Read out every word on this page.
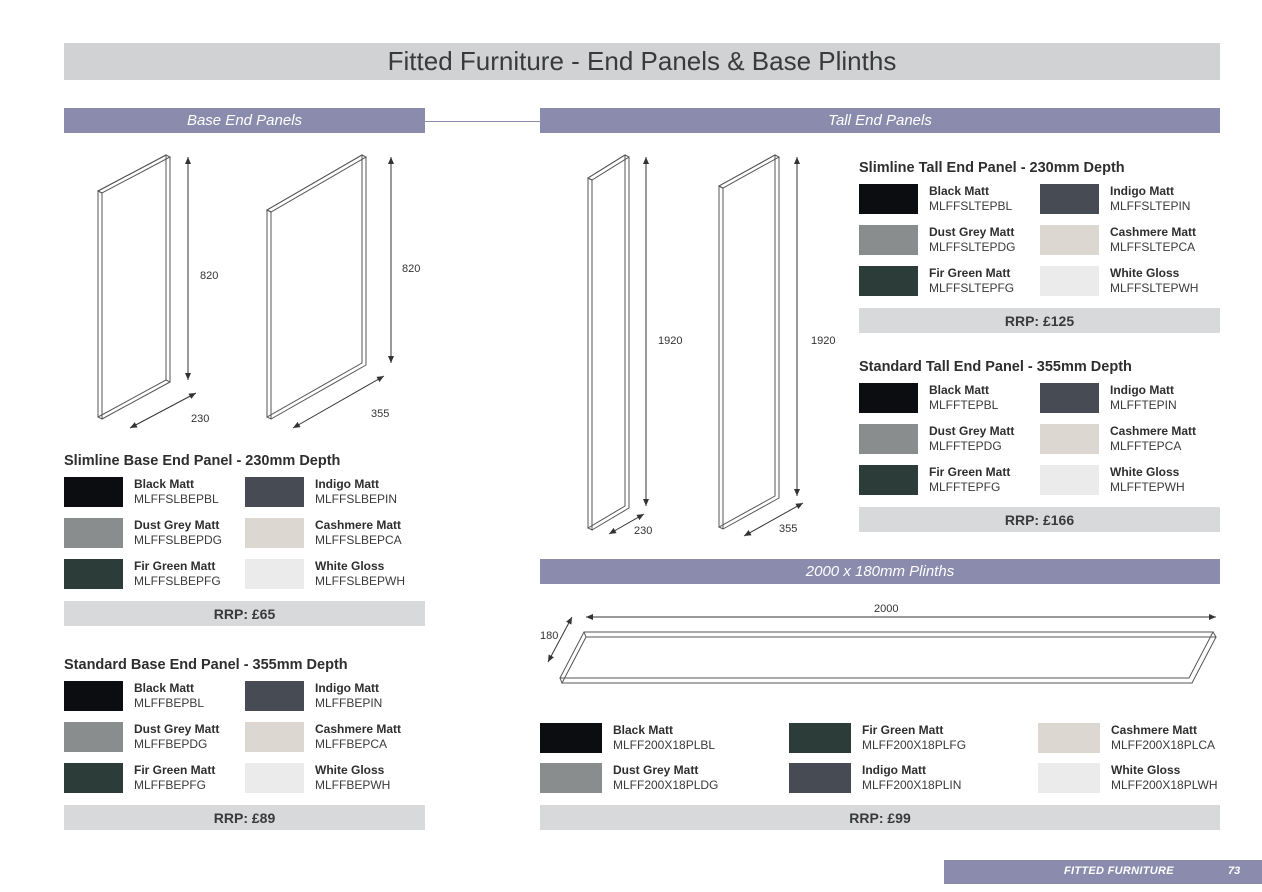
Fitted Furniture - End Panels & Base Plinths
Base End Panels	Tall End Panels
2000 x 180mm Plinths
820
230
820
355
1920
230
1920
355
2000
180
Slimline Base End Panel - 230mm Depth
Black Matt
MLFFSLBEPBL
Indigo Matt
MLFFSLBEPIN
Dust Grey Matt
MLFFSLBEPDG
Cashmere Matt
MLFFSLBEPCA
Fir Green Matt
MLFFSLBEPFG
White Gloss
MLFFSLBEPWH
RRP: £65
Standard Base End Panel - 355mm Depth
Black Matt
MLFFBEPBL
Indigo Matt
MLFFBEPIN
Dust Grey Matt
MLFFBEPDG
Cashmere Matt
MLFFBEPCA
Fir Green Matt
MLFFBEPFG
White Gloss
MLFFBEPWH
RRP: £89
Slimline Tall End Panel - 230mm Depth
Black Matt
MLFFSLTEPBL
Indigo Matt
MLFFSLTEPIN
Dust Grey Matt
MLFFSLTEPDG
Cashmere Matt
MLFFSLTEPCA
Fir Green Matt
MLFFSLTEPFG
White Gloss
MLFFSLTEPWH
RRP: £125
Standard Tall End Panel - 355mm Depth
Black Matt
MLFFTEPBL
Indigo Matt
MLFFTEPIN
Dust Grey Matt
MLFFTEPDG
Cashmere Matt
MLFFTEPCA
Fir Green Matt
MLFFTEPFG
White Gloss
MLFFTEPWH
RRP: £166
Black Matt
MLFF200X18PLBL
Fir Green Matt
MLFF200X18PLFG
Cashmere Matt
MLFF200X18PLCA
Dust Grey Matt
MLFF200X18PLDG
Indigo Matt
MLFF200X18PLIN
White Gloss
MLFF200X18PLWH
RRP: £99
FITTED FURNITURE	73
